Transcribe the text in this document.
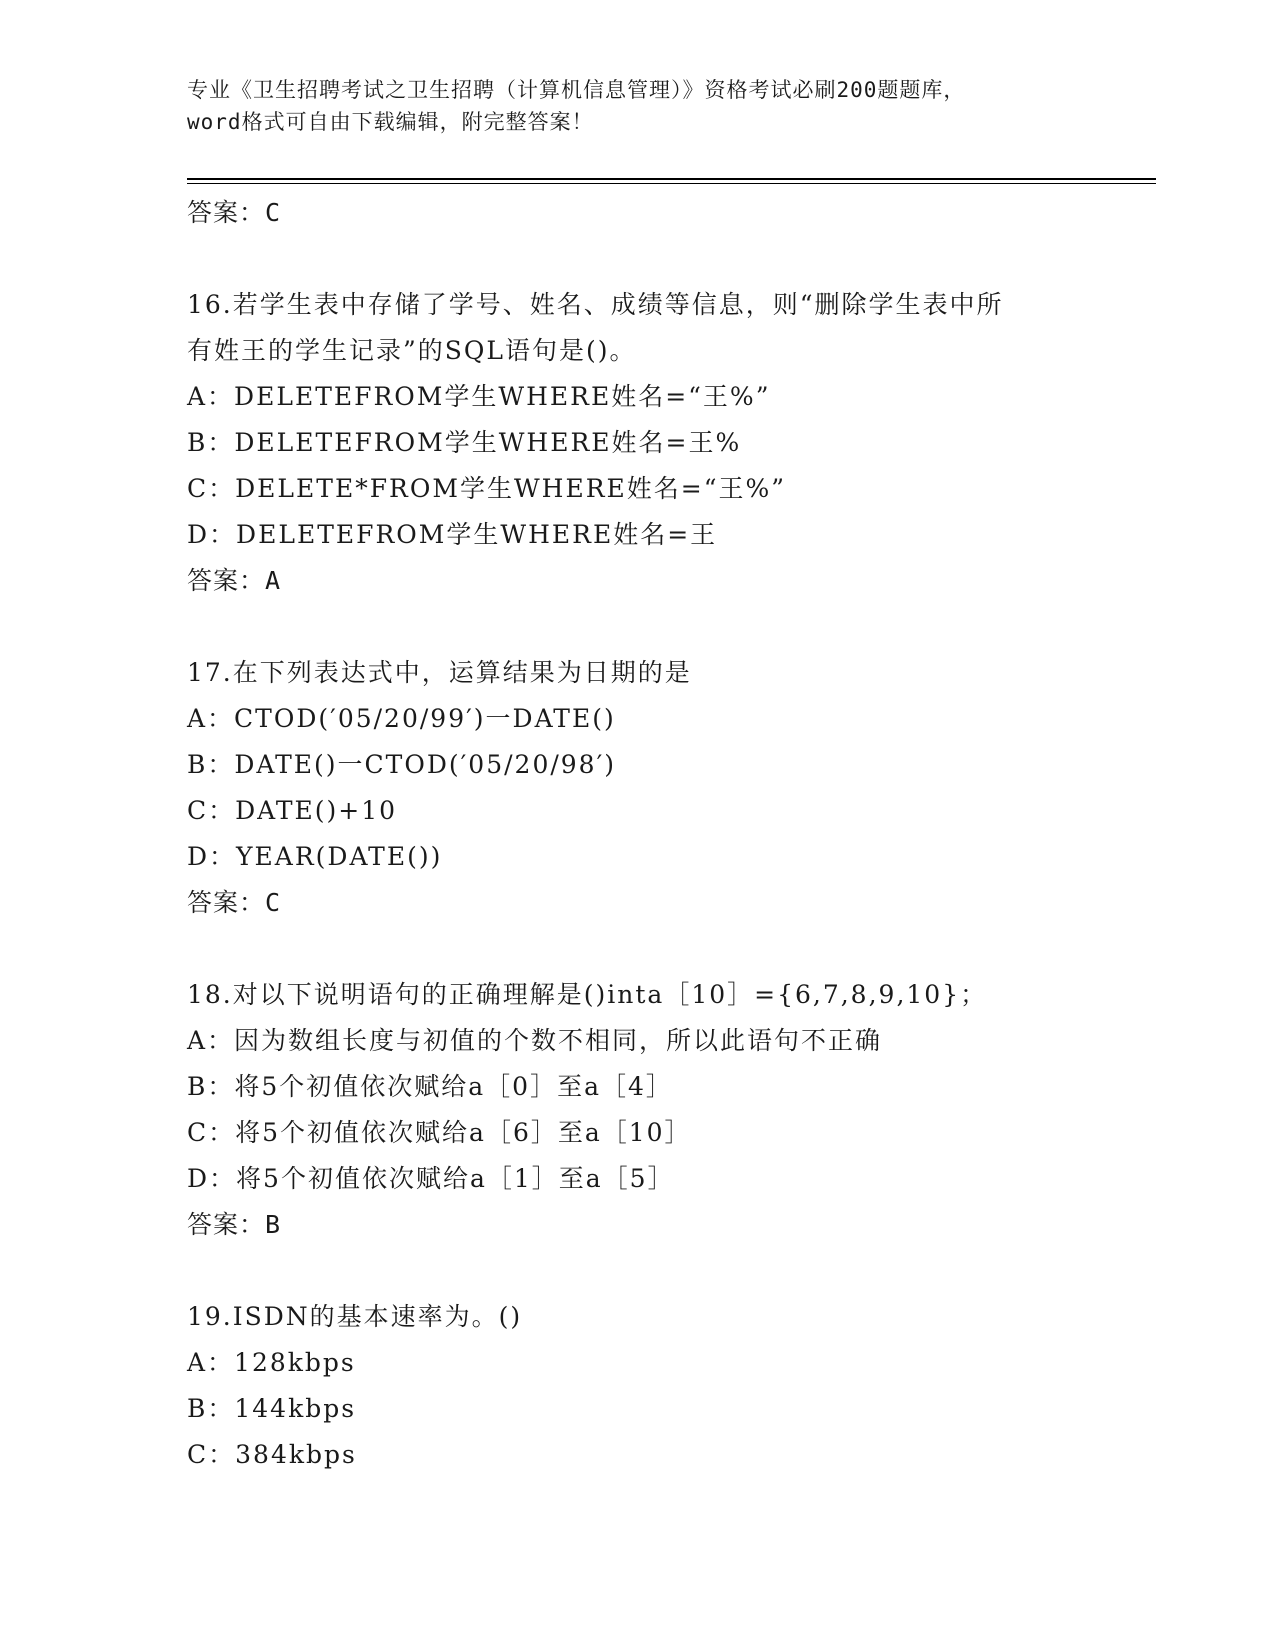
专业《卫生招聘考试之卫生招聘（计算机信息管理）》资格考试必刷200题题库，
word格式可自由下载编辑，附完整答案！
答案：C
16.若学生表中存储了学号、姓名、成绩等信息，则“删除学生表中所
有姓王的学生记录”的SQL语句是()。
A：DELETEFROM学生WHERE姓名=“王%”
B：DELETEFROM学生WHERE姓名=王%
C：DELETE*FROM学生WHERE姓名=“王%”
D：DELETEFROM学生WHERE姓名=王
答案：A
17.在下列表达式中，运算结果为日期的是
A：CTOD(′05/20/99′)一DATE()
B：DATE()一CTOD(′05/20/98′)
C：DATE()+10
D：YEAR(DATE())
答案：C
18.对以下说明语句的正确理解是()inta［10］={6,7,8,9,10}；
A：因为数组长度与初值的个数不相同，所以此语句不正确
B：将5个初值依次赋给a［0］至a［4］
C：将5个初值依次赋给a［6］至a［10］
D：将5个初值依次赋给a［1］至a［5］
答案：B
19.ISDN的基本速率为。()
A：128kbps
B：144kbps
C：384kbps
